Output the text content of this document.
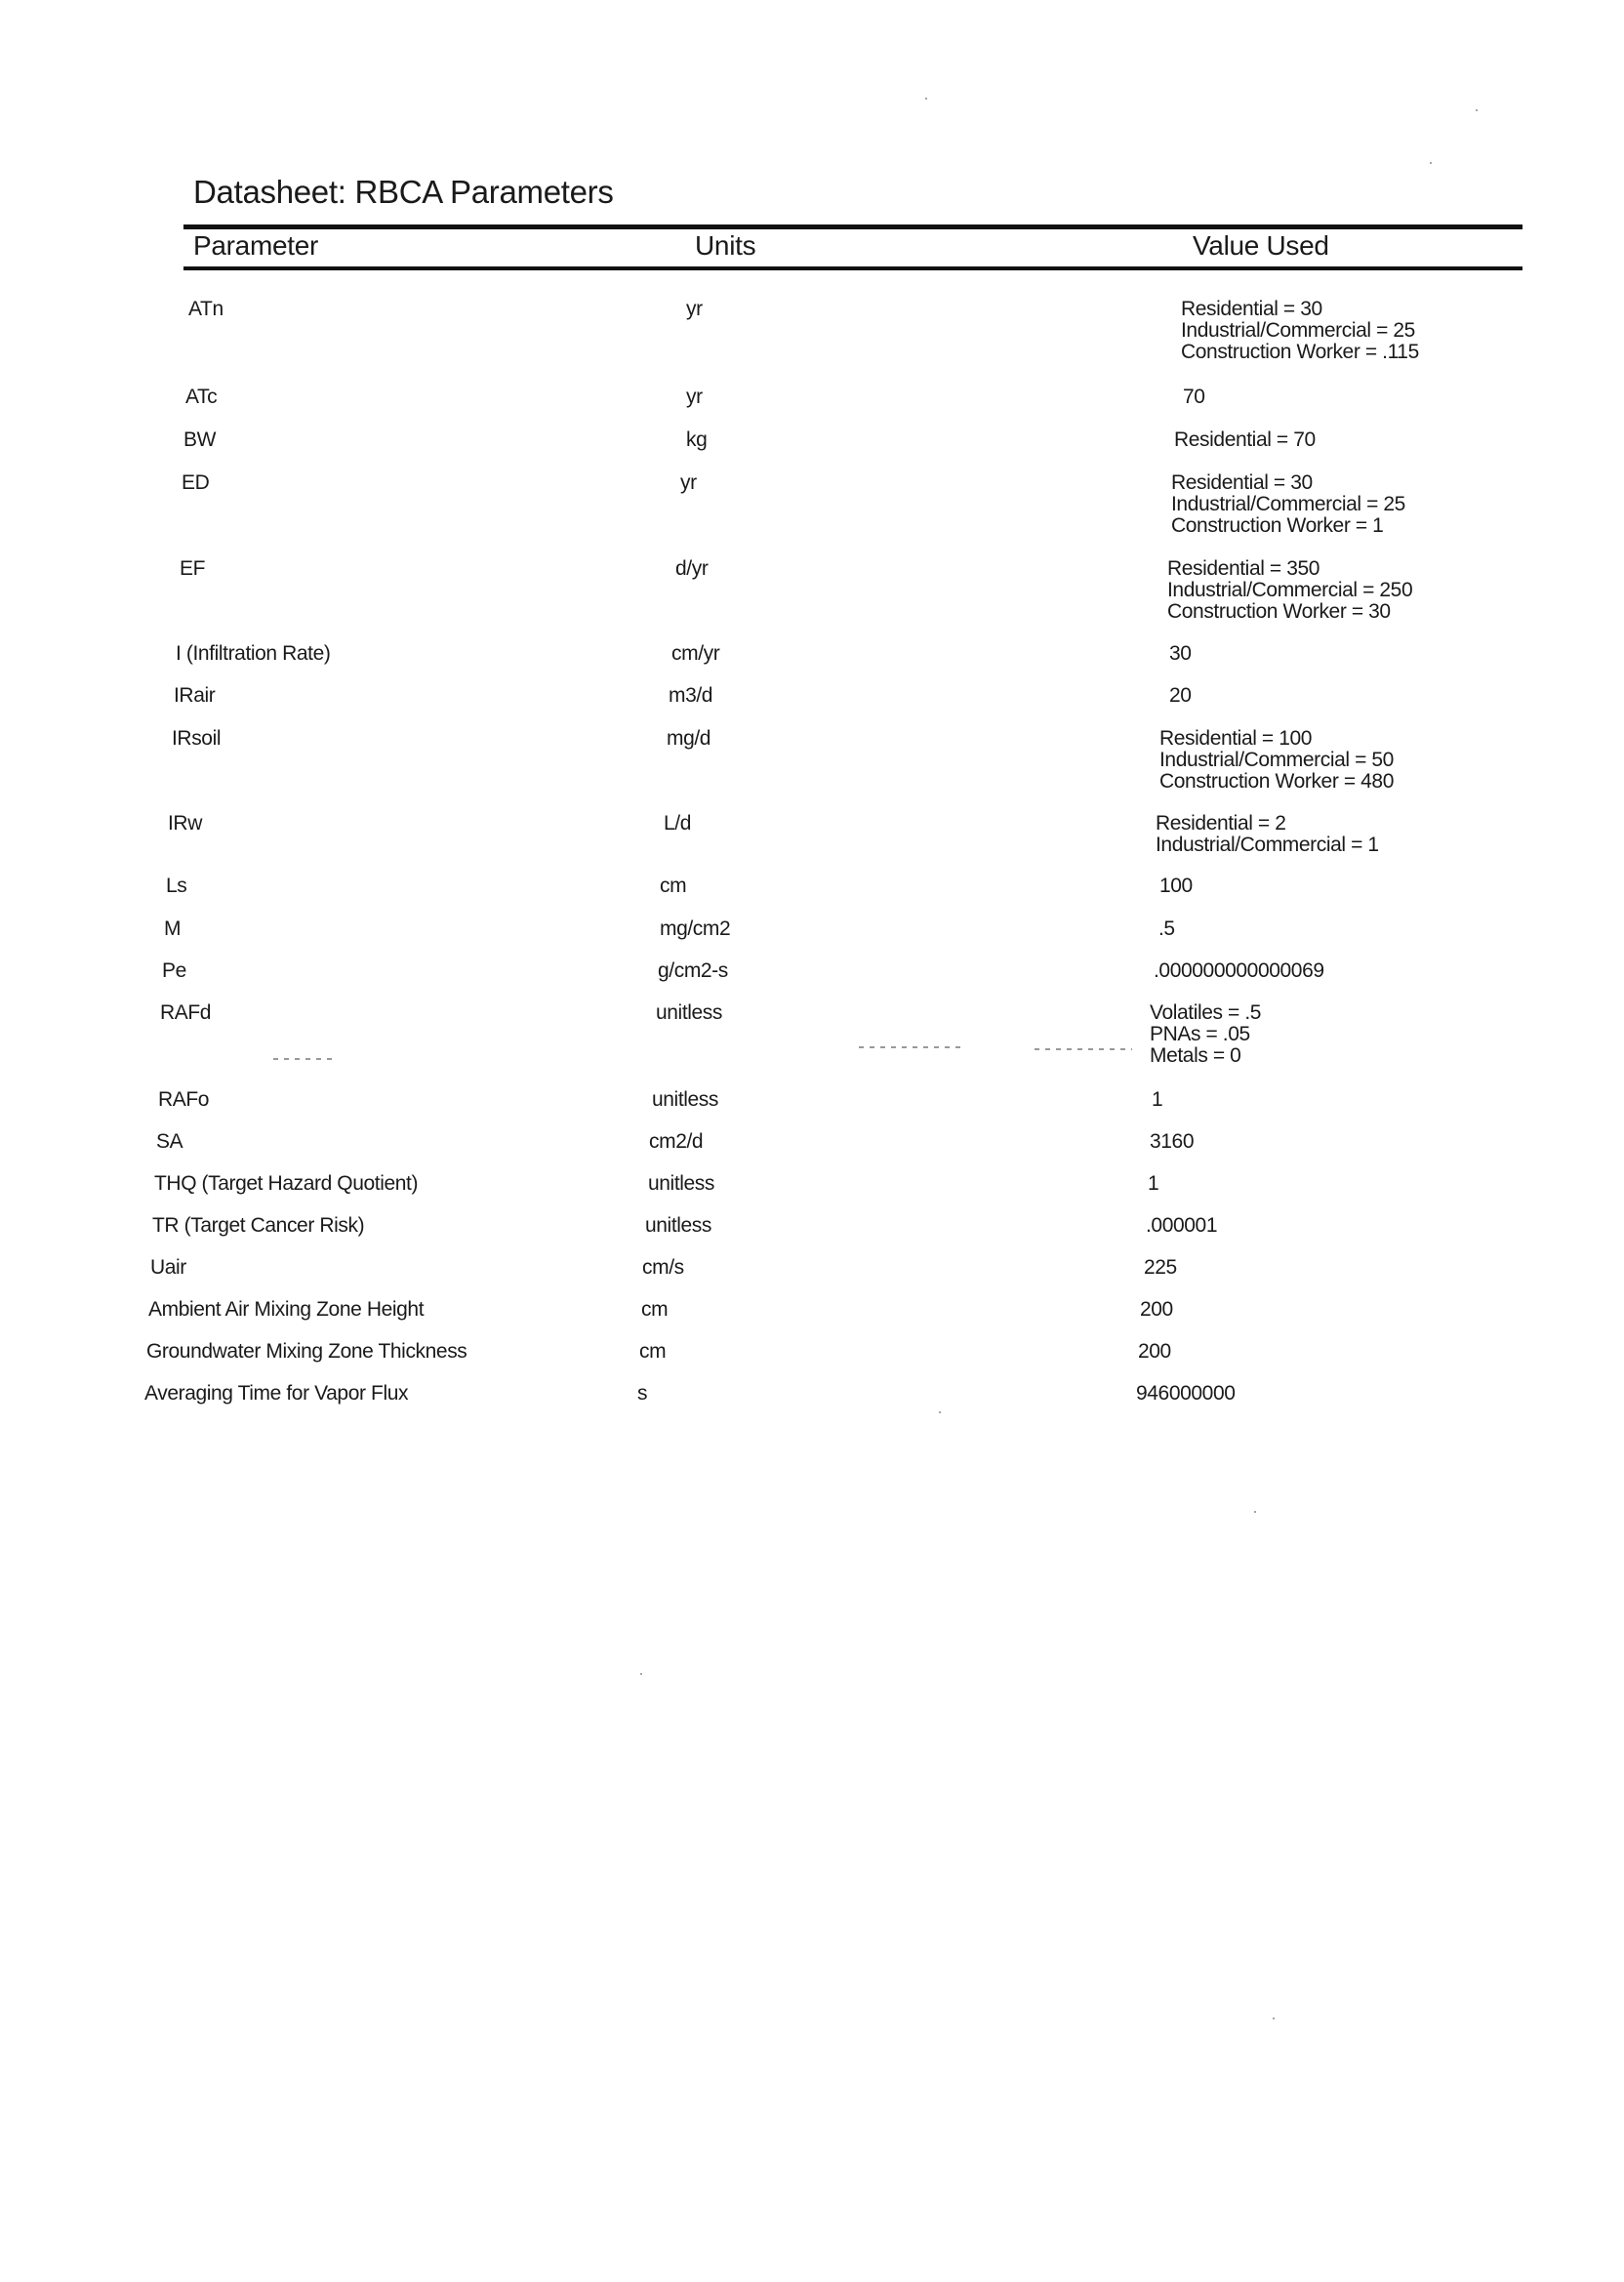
Datasheet: RBCA Parameters
Parameter	Units	Value Used
ATn	yr	Residential = 30
Industrial/Commercial = 25
Construction Worker = .115
ATc	yr	70
BW	kg	Residential = 70
ED	yr	Residential = 30
Industrial/Commercial = 25
Construction Worker = 1
EF	d/yr	Residential = 350
Industrial/Commercial = 250
Construction Worker = 30
I (Infiltration Rate)	cm/yr	30
IRair	m3/d	20
IRsoil	mg/d	Residential = 100
Industrial/Commercial = 50
Construction Worker = 480
IRw	L/d	Residential = 2
Industrial/Commercial = 1
Ls	cm	100
M	mg/cm2	.5
Pe	g/cm2-s	.000000000000069
RAFd	unitless	Volatiles = .5
PNAs = .05
Metals = 0
RAFo	unitless	1
SA	cm2/d	3160
THQ (Target Hazard Quotient)	unitless	1
TR (Target Cancer Risk)	unitless	.000001
Uair	cm/s	225
Ambient Air Mixing Zone Height	cm	200
Groundwater Mixing Zone Thickness	cm	200
Averaging Time for Vapor Flux	s	946000000
